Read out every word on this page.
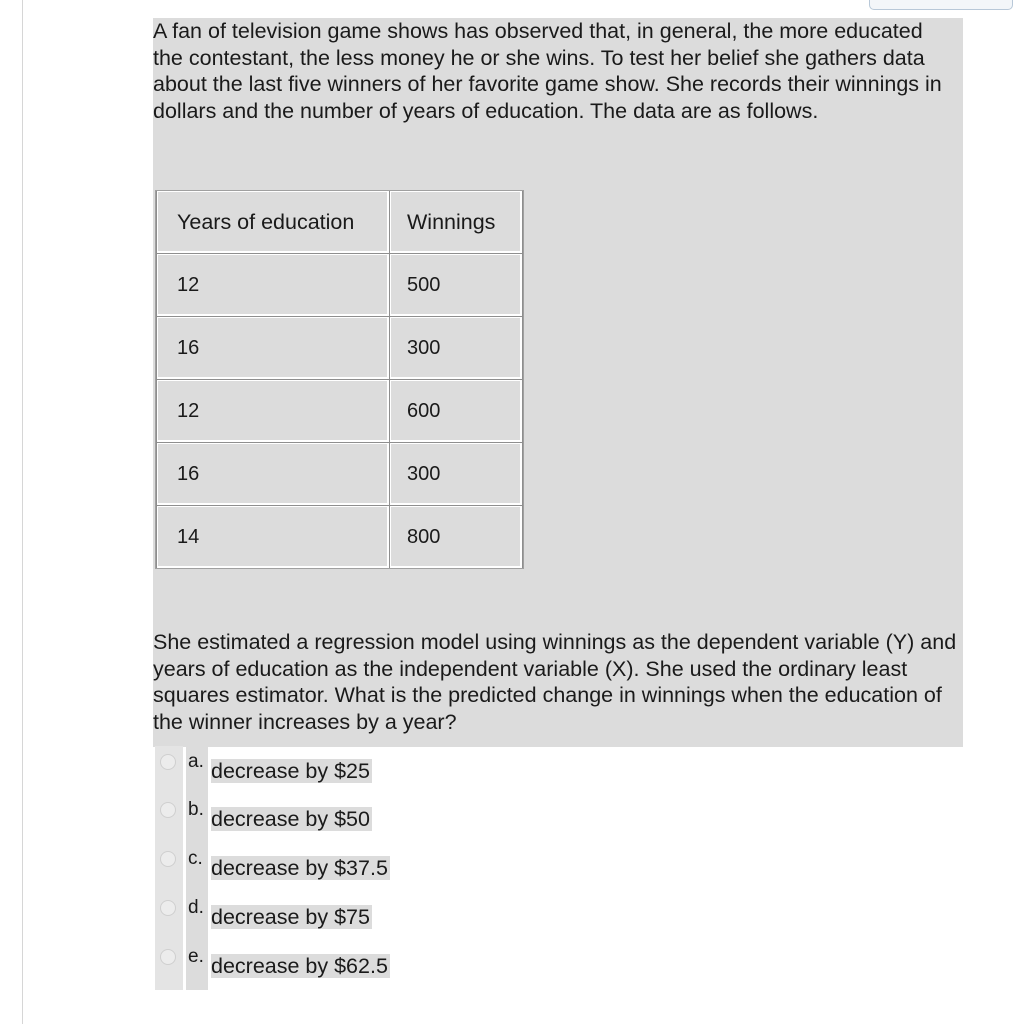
A fan of television game shows has observed that, in general, the more educated the contestant, the less money he or she wins. To test her belief she gathers data about the last five winners of her favorite game show. She records their winnings in dollars and the number of years of education. The data are as follows.

Years of education	Winnings

12	500

16	300

12	600

16	300

14	800

She estimated a regression model using winnings as the dependent variable (Y) and years of education as the independent variable (X). She used the ordinary least squares estimator. What is the predicted change in winnings when the education of the winner increases by a year?

a. decrease by $25
b. decrease by $50
c. decrease by $37.5
d. decrease by $75
e. decrease by $62.5
